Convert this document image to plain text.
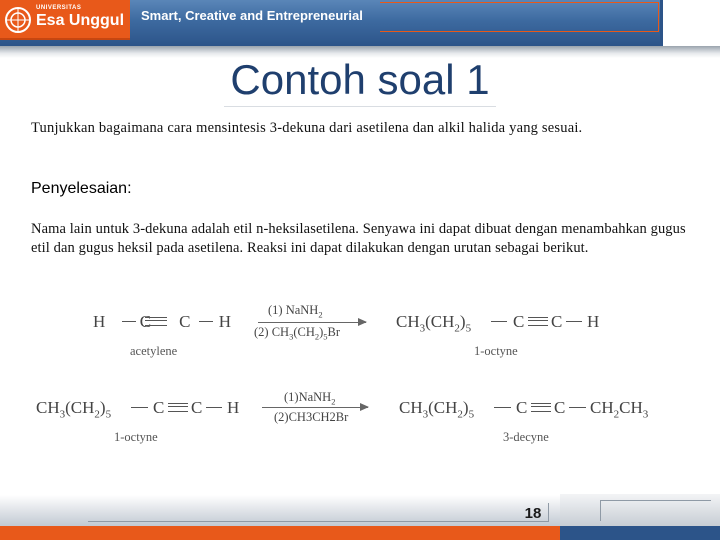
UNIVERSITAS
Esa Unggul Smart, Creative and Entrepreneurial
Contoh soal 1
Tunjukkan bagaimana cara mensintesis 3-dekuna dari asetilena dan alkil halida yang sesuai.
Penyelesaian:
Nama lain untuk 3-dekuna adalah etil n-heksilasetilena. Senyawa ini dapat dibuat dengan menambahkan gugus etil dan gugus heksil pada asetilena. Reaksi ini dapat dilakukan dengan urutan sebagai berikut.
H C C H
acetylene
(1) NaNH$_2$
(2) $CH_3(CH_2)_5Br$
$CH_3(CH_2)_5$ C C H
1-octyne
$CH_3(CH_2)_5$ C C H
1-octyne
(1)NaNH$_2$
(2)CH3CH2Br	$CH_3(CH_2)_5$ C C $CH_2CH_3$
3-decyne
18
